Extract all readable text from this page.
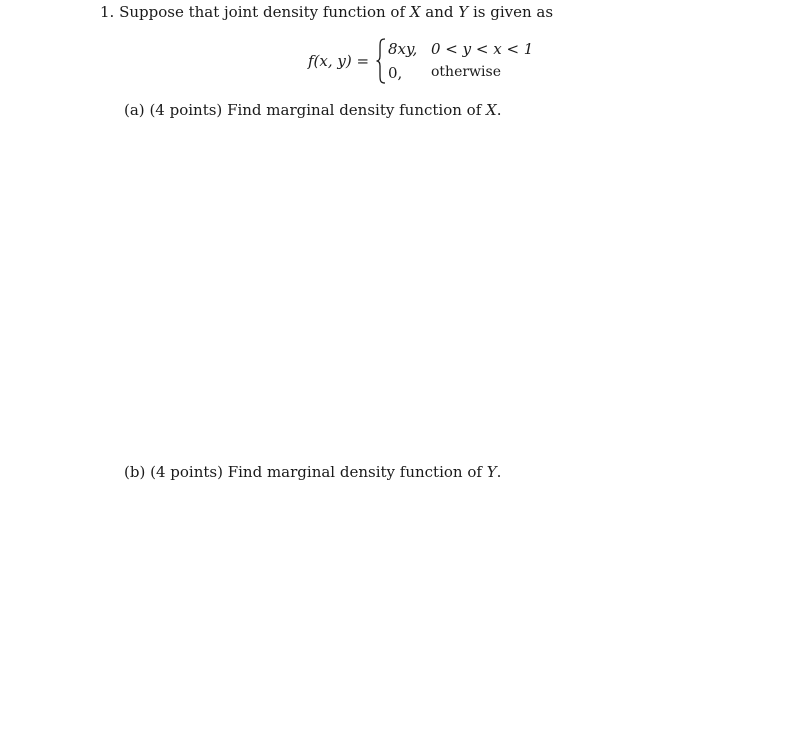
1. Suppose that joint density function of X and Y is given as
f(x, y) =
8xy, 0 < y < x < 1
0, otherwise
(a) (4 points) Find marginal density function of X.
(b) (4 points) Find marginal density function of Y.
